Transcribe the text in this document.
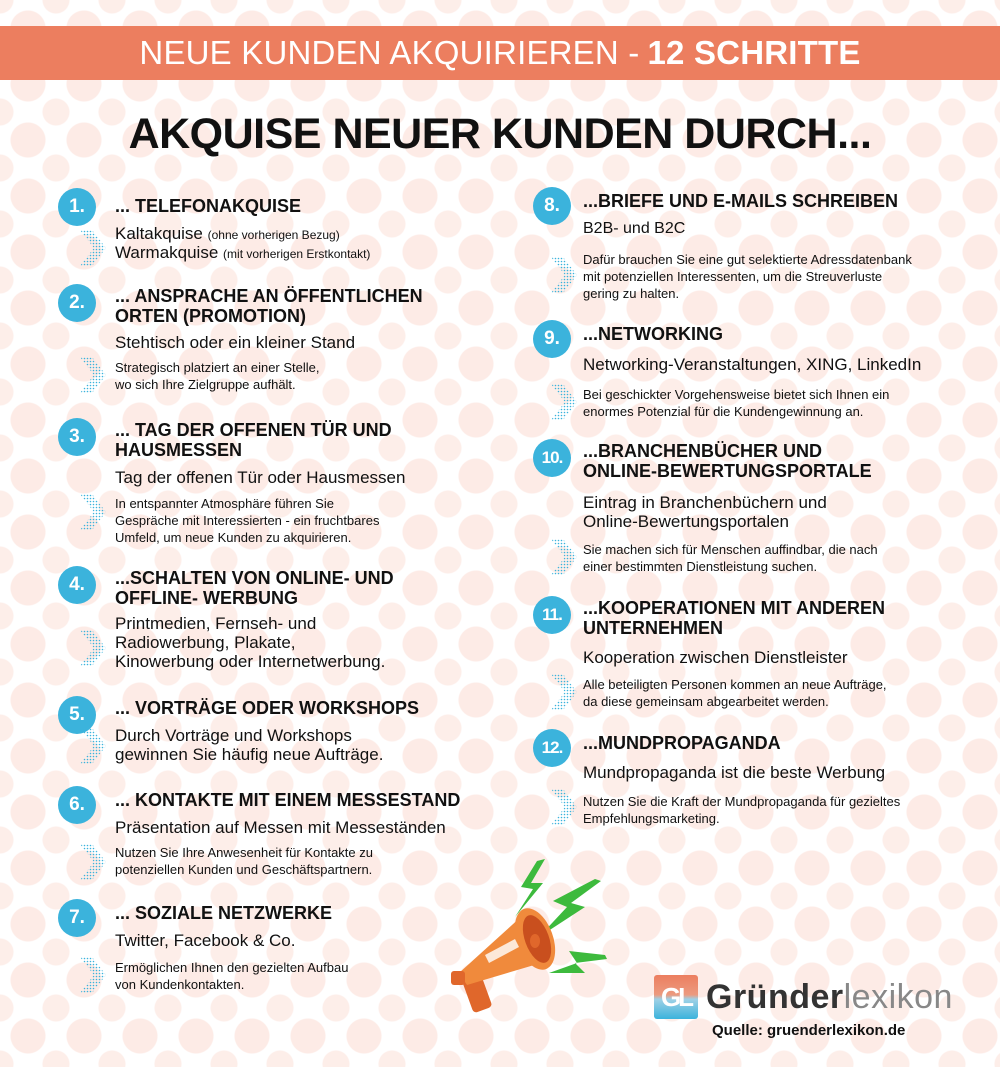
NEUE KUNDEN AKQUIRIEREN - 12 SCHRITTE
AKQUISE NEUER KUNDEN DURCH...
1.	... TELEFONAKQUISE
Kaltakquise (ohne vorherigen Bezug)
Warmakquise (mit vorherigen Erstkontakt)
2.	... ANSPRACHE AN ÖFFENTLICHEN
ORTEN (PROMOTION)
Stehtisch oder ein kleiner Stand
Strategisch platziert an einer Stelle,
wo sich Ihre Zielgruppe aufhält.
3.	... TAG DER OFFENEN TÜR UND
HAUSMESSEN
Tag der offenen Tür oder Hausmessen
In entspannter Atmosphäre führen Sie
Gespräche mit Interessierten - ein fruchtbares
Umfeld, um neue Kunden zu akquirieren.
4.	...SCHALTEN VON ONLINE- UND
OFFLINE- WERBUNG
Printmedien, Fernseh- und
Radiowerbung, Plakate,
Kinowerbung oder Internetwerbung.
5.	... VORTRÄGE ODER WORKSHOPS
Durch Vorträge und Workshops
gewinnen Sie häufig neue Aufträge.
6.	... KONTAKTE MIT EINEM MESSESTAND
Präsentation auf Messen mit Messeständen
Nutzen Sie Ihre Anwesenheit für Kontakte zu
potenziellen Kunden und Geschäftspartnern.
7.	... SOZIALE NETZWERKE
Twitter, Facebook & Co.
Ermöglichen Ihnen den gezielten Aufbau
von Kundenkontakten.
8.	...BRIEFE UND E-MAILS SCHREIBEN
B2B- und B2C
Dafür brauchen Sie eine gut selektierte Adressdatenbank
mit potenziellen Interessenten, um die Streuverluste
gering zu halten.
9.	...NETWORKING
Networking-Veranstaltungen, XING, LinkedIn
Bei geschickter Vorgehensweise bietet sich Ihnen ein
enormes Potenzial für die Kundengewinnung an.
10.	...BRANCHENBÜCHER UND
ONLINE-BEWERTUNGSPORTALE
Eintrag in Branchenbüchern und
Online-Bewertungsportalen
Sie machen sich für Menschen auffindbar, die nach
einer bestimmten Dienstleistung suchen.
11.	...KOOPERATIONEN MIT ANDEREN
UNTERNEHMEN
Kooperation zwischen Dienstleister
Alle beteiligten Personen kommen an neue Aufträge,
da diese gemeinsam abgearbeitet werden.
12.	...MUNDPROPAGANDA
Mundpropaganda ist die beste Werbung
Nutzen Sie die Kraft der Mundpropaganda für gezieltes
Empfehlungsmarketing.
GL Gründerlexikon
Quelle: gruenderlexikon.de
